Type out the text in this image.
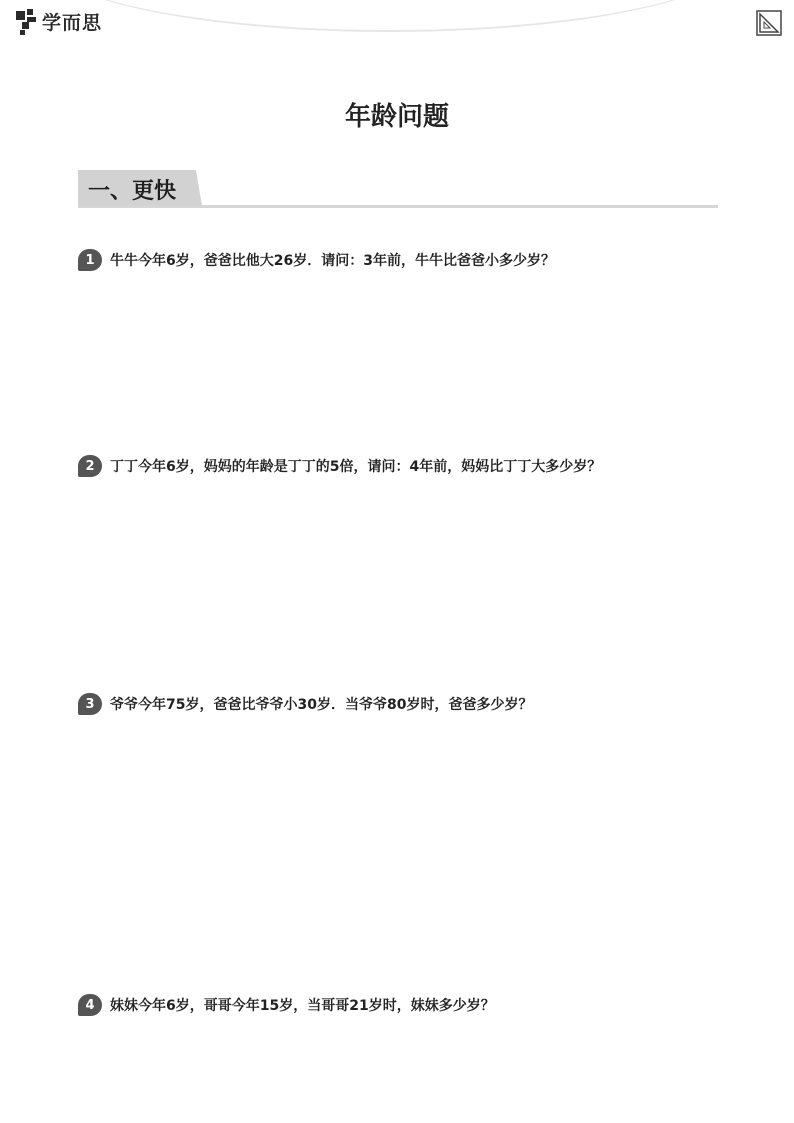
学而思
年龄问题
一、更快
1	牛牛今年6岁，爸爸比他大26岁．请问：3年前，牛牛比爸爸小多少岁？
2	丁丁今年6岁，妈妈的年龄是丁丁的5倍，请问：4年前，妈妈比丁丁大多少岁？
3	爷爷今年75岁，爸爸比爷爷小30岁．当爷爷80岁时，爸爸多少岁？
4	妹妹今年6岁，哥哥今年15岁，当哥哥21岁时，妹妹多少岁？
